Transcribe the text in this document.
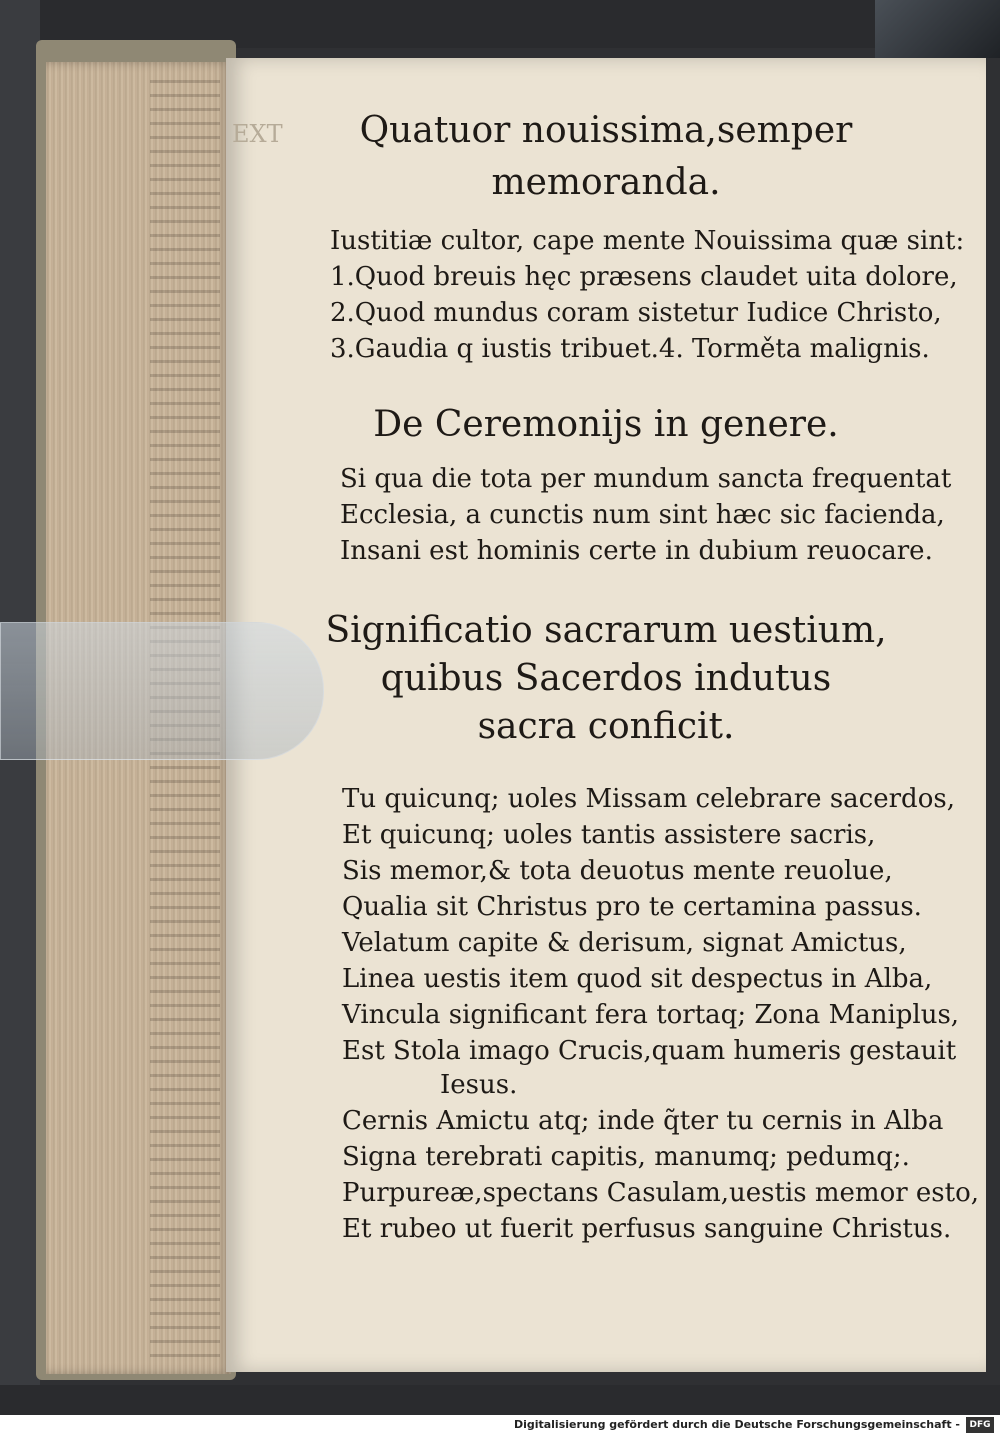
Quatuor nouissima,semper
memoranda.
Iustitiæ cultor, cape mente Nouissima quæ sint:
1.Quod breuis hęc præsens claudet uita dolore,
2.Quod mundus coram sistetur Iudice Christo,
3.Gaudia q iustis tribuet.4. Torměta malignis.
De Ceremonijs in genere.
Si qua die tota per mundum sancta frequentat
Ecclesia, a cunctis num sint hæc sic facienda,
Insani est hominis certe in dubium reuocare.
Significatio sacrarum uestium,
quibus Sacerdos indutus
sacra conficit.
Tu quicunq; uoles Missam celebrare sacerdos,
Et quicunq; uoles tantis assistere sacris,
Sis memor,& tota deuotus mente reuolue,
Qualia sit Christus pro te certamina passus.
Velatum capite & derisum, signat Amictus,
Linea uestis item quod sit despectus in Alba,
Vincula significant fera tortaq; Zona Maniplus,
Est Stola imago Crucis,quam humeris gestauit
Iesus.
Cernis Amictu atq; inde q̃ter tu cernis in Alba
Signa terebrati capitis, manumq; pedumq;.
Purpureæ,spectans Casulam,uestis memor esto,
Et rubeo ut fuerit perfusus sanguine Christus.
EXT
Digitalisierung gefördert durch die Deutsche Forschungsgemeinschaft -	DFG
